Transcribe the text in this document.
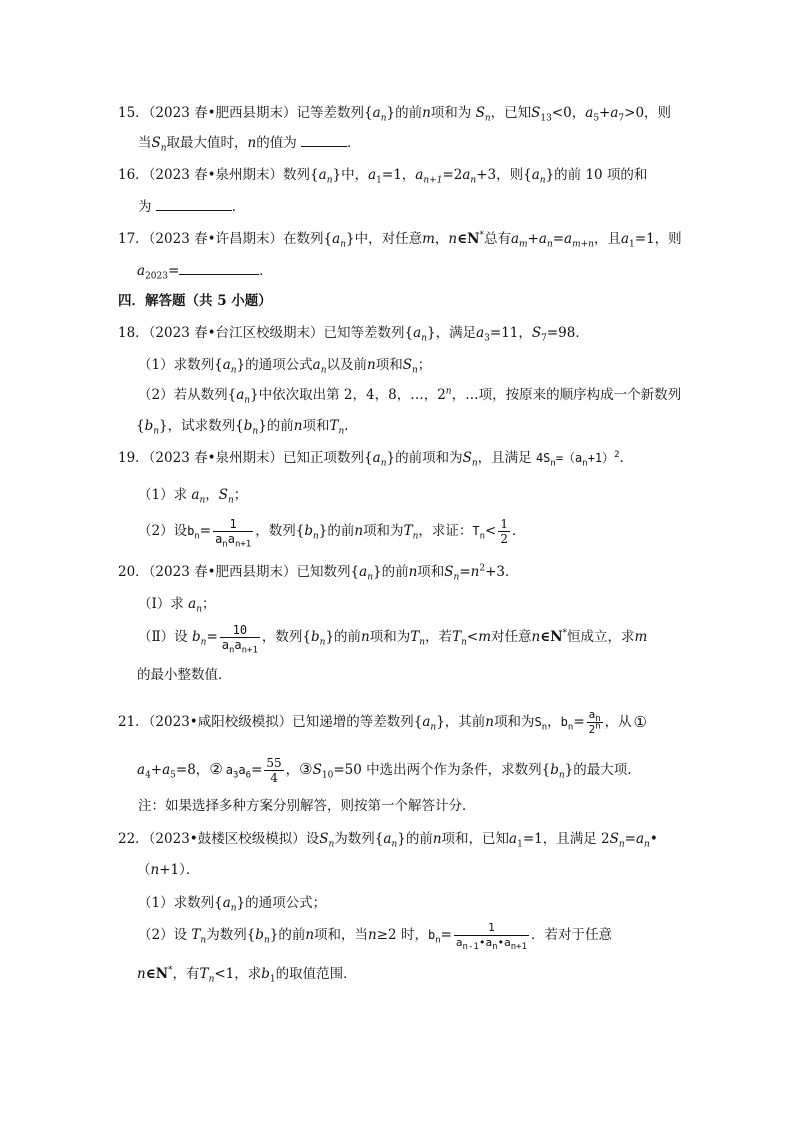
15．（2023 春•肥西县期末）记等差数列$\{a_n\}$的前n项和为 $S_n$，已知$S_{13}<0$，$a_5+a_7>0$，则
当$S_n$取最大值时，n的值为	．
16．（2023 春•泉州期末）数列$\{a_n\}$中，$a_1=1$，$a_{n+1}=2a_n+3$，则$\{a_n\}$的前 10 项的和
为	．
17．（2023 春•许昌期末）在数列$\{a_n\}$中，对任意m，n∈N*总有$a_m+a_n=a_{m+n}$，且$a_1=1$，则
$a_{2023}=$	．
四．解答题（共 5 小题）
18．（2023 春•台江区校级期末）已知等差数列$\{a_n\}$，满足$a_3=11$，$S_7=98$．
（1）求数列$\{a_n\}$的通项公式$a_n$以及前n项和$S_n$；
（2）若从数列$\{a_n\}$中依次取出第 2，4，8，…，2$^n$，…项，按原来的顺序构成一个新数列
$\{b_n\}$，试求数列$\{b_n\}$的前n项和$T_n$．
19．（2023 春•泉州期末）已知正项数列$\{a_n\}$的前项和为$S_n$，且满足 $4S_n=(a_n+1)^2$．
（1）求 $a_n$，$S_n$；
（2）设$b_n= \frac{1}{a_na_{n+1}}$ ，数列$\{b_n\}$的前n项和为$T_n$，求证：$T_n< \frac{1}{2}$ ．
20．（2023 春•肥西县期末）已知数列$\{a_n\}$的前n项和$S_n=n^2+3$．
（Ⅰ）求 $a_n$；
（Ⅱ）设 $b_n= \frac{10}{a_na_{n+1}}$ ，数列$\{b_n\}$的前n项和为$T_n$，若$T_n<m$对任意n∈N*恒成立，求m
的最小整数值．
21．（2023•咸阳校级模拟）已知递增的等差数列$\{a_n\}$，其前n项和为$S_n$，$b_n= \frac{a_n}{2^n}$ ，从 ①
$a_4+a_5=8$，② $a_3a_6= \frac{55}{4}$ ，$③S_{10}=50$ 中选出两个作为条件，求数列$\{b_n\}$的最大项．
注：如果选择多种方案分别解答，则按第一个解答计分．
22．（2023•鼓楼区校级模拟）设$S_n$为数列$\{a_n\}$的前n项和，已知$a_1=1$，且满足 $2S_n=a_n•$
（n+1）．
（1）求数列$\{a_n\}$的通项公式；
（2）设 $T_n$为数列$\{b_n\}$的前n项和，当n≥2 时，$b_n= \frac{1}{a_{n-1}•a_n•a_{n+1}}$ ．若对于任意
n∈N*，有$T_n<1$，求$b_1$的取值范围．
